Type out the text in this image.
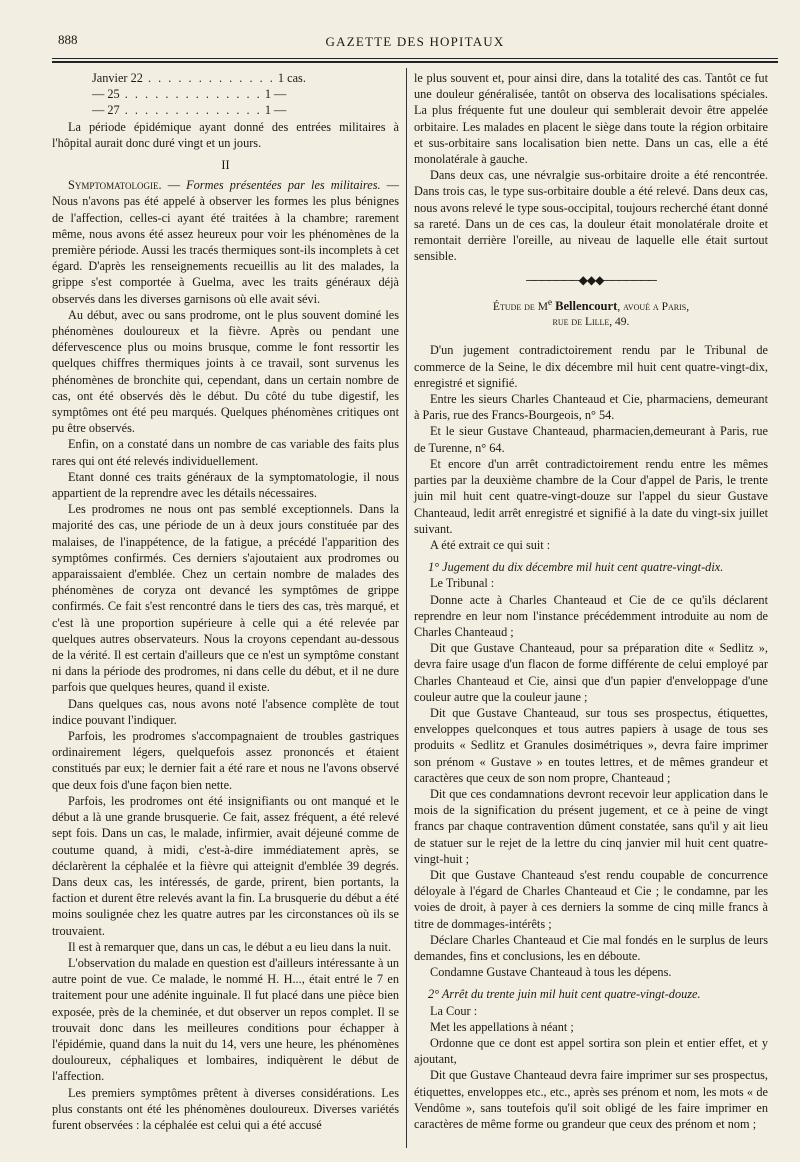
888	GAZETTE DES HOPITAUX
Janvier 22 . . . . . . . . . . . . . 1 cas.
— 25 . . . . . . . . . . . . . . 1 —
— 27 . . . . . . . . . . . . . . 1 —

La période épidémique ayant donné des entrées militaires à l'hôpital aurait donc duré vingt et un jours.

II

Symptomatologie. — Formes présentées par les militaires. — Nous n'avons pas été appelé à observer les formes les plus bénignes de l'affection, celles-ci ayant été traitées à la chambre; rarement même, nous avons été assez heureux pour voir les phénomènes de la première période. Aussi les tracés thermiques sont-ils incomplets à cet égard. D'après les renseignements recueillis au lit des malades, la grippe s'est comportée à Guelma, avec les traits généraux déjà observés dans les diverses garnisons où elle avait sévi.

Au début, avec ou sans prodrome, ont le plus souvent dominé les phénomènes douloureux et la fièvre. Après ou pendant une défervescence plus ou moins brusque, comme le font ressortir les quelques chiffres thermiques joints à ce travail, sont survenus les phénomènes de bronchite qui, cependant, dans un certain nombre de cas, ont été observés dès le début. Du côté du tube digestif, les symptômes ont été peu marqués. Quelques phénomènes critiques ont pu être observés.

Enfin, on a constaté dans un nombre de cas variable des faits plus rares qui ont été relevés individuellement.

Etant donné ces traits généraux de la symptomatologie, il nous appartient de la reprendre avec les détails nécessaires.

Les prodromes ne nous ont pas semblé exceptionnels. Dans la majorité des cas, une période de un à deux jours constituée par des malaises, de l'inappétence, de la fatigue, a précédé l'apparition des symptômes confirmés. Ces derniers s'ajoutaient aux prodromes ou apparaissaient d'emblée. Chez un certain nombre de malades des phénomènes de coryza ont devancé les symptômes de grippe confirmés. Ce fait s'est rencontré dans le tiers des cas, très marqué, et c'est là une proportion supérieure à celle qui a été relevée par quelques autres observateurs. Nous la croyons cependant au-dessous de la vérité. Il est certain d'ailleurs que ce n'est un symptôme constant ni dans la période des prodromes, ni dans celle du début, et il ne dure parfois que quelques heures, quand il existe.

Dans quelques cas, nous avons noté l'absence complète de tout indice pouvant l'indiquer.

Parfois, les prodromes s'accompagnaient de troubles gastriques ordinairement légers, quelquefois assez prononcés et étaient constitués par eux; le dernier fait a été rare et nous ne l'avons observé que deux fois d'une façon bien nette.

Parfois, les prodromes ont été insignifiants ou ont manqué et le début a là une grande brusquerie. Ce fait, assez fréquent, a été relevé sept fois. Dans un cas, le malade, infirmier, avait déjeuné comme de coutume quand, à midi, c'est-à-dire immédiatement après, se déclarèrent la céphalée et la fièvre qui atteignit d'emblée 39 degrés. Dans deux cas, les intéressés, de garde, prirent, bien portants, la faction et durent être relevés avant la fin. La brusquerie du début a été moins soulignée chez les quatre autres par les circonstances où ils se trouvaient.

Il est à remarquer que, dans un cas, le début a eu lieu dans la nuit.

L'observation du malade en question est d'ailleurs intéressante à un autre point de vue. Ce malade, le nommé H. H..., était entré le 7 en traitement pour une adénite inguinale. Il fut placé dans une pièce bien exposée, près de la cheminée, et dut observer un repos complet. Il se trouvait donc dans les meilleures conditions pour échapper à l'épidémie, quand dans la nuit du 14, vers une heure, les phénomènes douloureux, céphaliques et lombaires, indiquèrent le début de l'affection.

Les premiers symptômes prêtent à diverses considérations. Les plus constants ont été les phénomènes douloureux. Diverses variétés furent observées : la céphalée est celui qui a été accusé

le plus souvent et, pour ainsi dire, dans la totalité des cas. Tantôt ce fut une douleur généralisée, tantôt on observa des localisations spéciales. La plus fréquente fut une douleur qui semblerait devoir être appelée orbitaire. Les malades en placent le siège dans toute la région orbitaire et sus-orbitaire sans localisation bien nette. Dans un cas, elle a été monolatérale à gauche.

Dans deux cas, une névralgie sus-orbitaire droite a été rencontrée. Dans trois cas, le type sus-orbitaire double a été relevé. Dans deux cas, nous avons relevé le type sous-occipital, toujours recherché étant donné sa rareté. Dans un de ces cas, la douleur était monolatérale droite et remontait derrière l'oreille, au niveau de laquelle elle était surtout sensible.

───────◆◆◆───────
Étude de Me Bellencourt, avoué a Paris,
rue de Lille, 49.

D'un jugement contradictoirement rendu par le Tribunal de commerce de la Seine, le dix décembre mil huit cent quatre-vingt-dix, enregistré et signifié.

Entre les sieurs Charles Chanteaud et Cie, pharmaciens, demeurant à Paris, rue des Francs-Bourgeois, n° 54.

Et le sieur Gustave Chanteaud, pharmacien,demeurant à Paris, rue de Turenne, n° 64.

Et encore d'un arrêt contradictoirement rendu entre les mêmes parties par la deuxième chambre de la Cour d'appel de Paris, le trente juin mil huit cent quatre-vingt-douze sur l'appel du sieur Gustave Chanteaud, ledit arrêt enregistré et signifié à la date du vingt-six juillet suivant.

A été extrait ce qui suit :

1° Jugement du dix décembre mil huit cent quatre-vingt-dix.

Le Tribunal :

Donne acte à Charles Chanteaud et Cie de ce qu'ils déclarent reprendre en leur nom l'instance précédemment introduite au nom de Charles Chanteaud ;

Dit que Gustave Chanteaud, pour sa préparation dite « Sedlitz », devra faire usage d'un flacon de forme différente de celui employé par Charles Chanteaud et Cie, ainsi que d'un papier d'enveloppage d'une couleur autre que la couleur jaune ;

Dit que Gustave Chanteaud, sur tous ses prospectus, étiquettes, enveloppes quelconques et tous autres papiers à usage de tous ses produits « Sedlitz et Granules dosimétriques », devra faire imprimer son prénom « Gustave » en toutes lettres, et de mêmes grandeur et caractères que ceux de son nom propre, Chanteaud ;

Dit que ces condamnations devront recevoir leur application dans le mois de la signification du présent jugement, et ce à peine de vingt francs par chaque contravention dûment constatée, sans qu'il y ait lieu de statuer sur le rejet de la lettre du cinq janvier mil huit cent quatre-vingt-huit ;

Dit que Gustave Chanteaud s'est rendu coupable de concurrence déloyale à l'égard de Charles Chanteaud et Cie ; le condamne, par les voies de droit, à payer à ces derniers la somme de cinq mille francs à titre de dommages-intérêts ;

Déclare Charles Chanteaud et Cie mal fondés en le surplus de leurs demandes, fins et conclusions, les en déboute.

Condamne Gustave Chanteaud à tous les dépens.

2° Arrêt du trente juin mil huit cent quatre-vingt-douze.

La Cour :

Met les appellations à néant ;

Ordonne que ce dont est appel sortira son plein et entier effet, et y ajoutant,

Dit que Gustave Chanteaud devra faire imprimer sur ses prospectus, étiquettes, enveloppes etc., etc., après ses prénom et nom, les mots « de Vendôme », sans toutefois qu'il soit obligé de les faire imprimer en caractères de même forme ou grandeur que ceux des prénom et nom ;
